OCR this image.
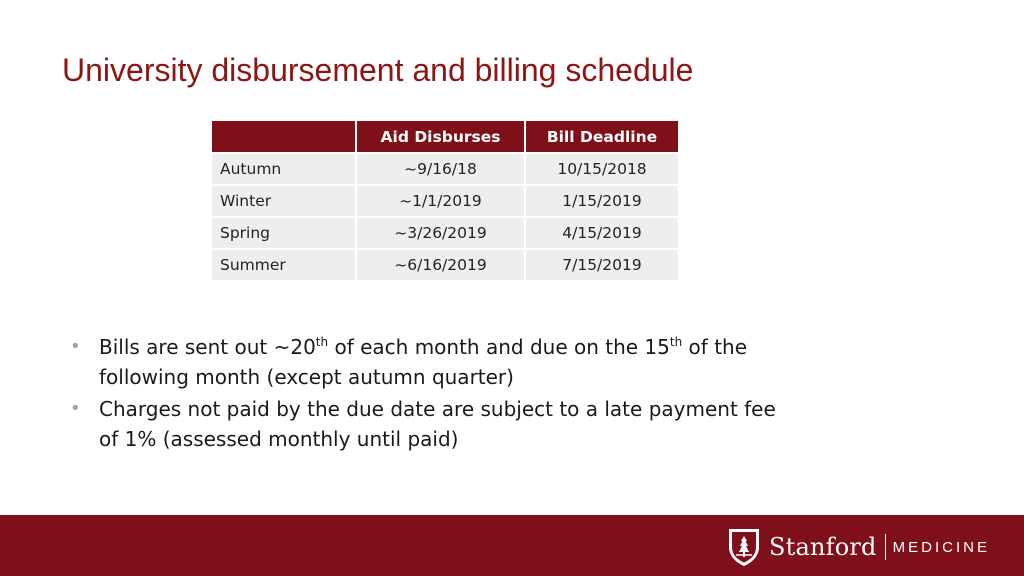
University disbursement and billing schedule
	Aid Disburses	Bill Deadline
Autumn	~9/16/18	10/15/2018
Winter	~1/1/2019	1/15/2019
Spring	~3/26/2019	4/15/2019
Summer	~6/16/2019	7/15/2019
• Bills are sent out ~20th of each month and due on the 15th of the following month (except autumn quarter)
• Charges not paid by the due date are subject to a late payment fee of 1% (assessed monthly until paid)
Stanford MEDICINE
